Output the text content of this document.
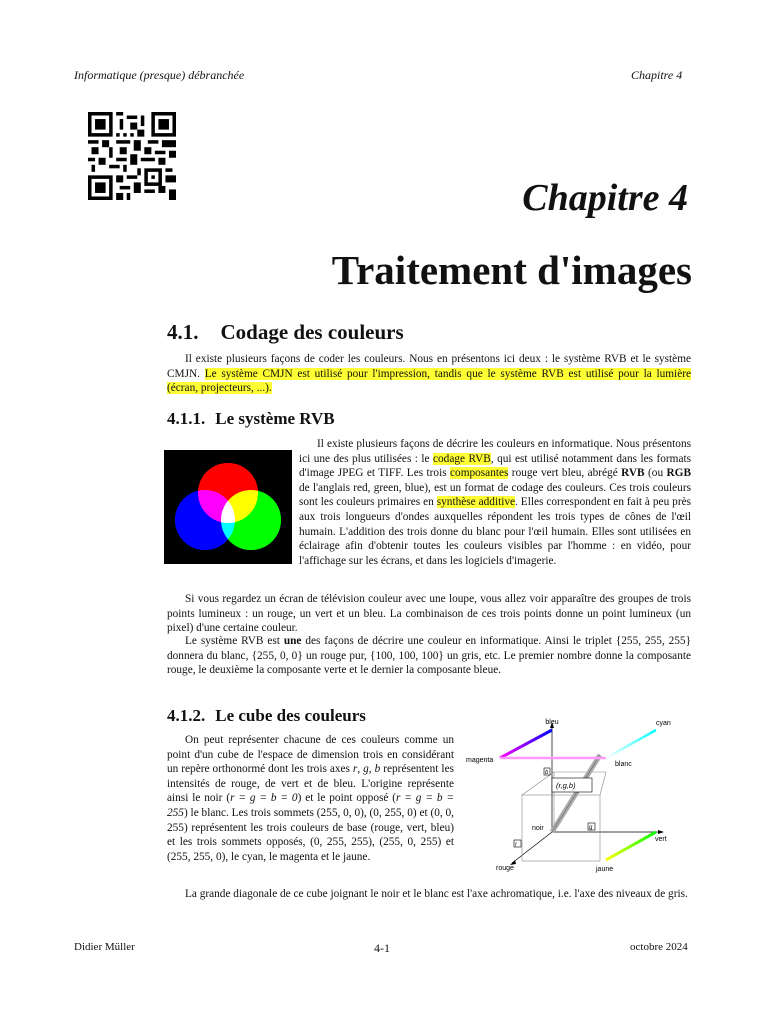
Informatique (presque) débranchée	Chapitre 4
Chapitre 4
Traitement d'images
4.1. Codage des couleurs

Il existe plusieurs façons de coder les couleurs. Nous en présentons ici deux : le système RVB et le système CMJN. Le système CMJN est utilisé pour l'impression, tandis que le système RVB est utilisé pour la lumière (écran, projecteurs, ...).

4.1.1. Le système RVB
Il existe plusieurs façons de décrire les couleurs en informatique. Nous présentons ici une des plus utilisées : le codage RVB, qui est utilisé notamment dans les formats d'image JPEG et TIFF. Les trois composantes rouge vert bleu, abrégé RVB (ou RGB de l'anglais red, green, blue), est un format de codage des couleurs. Ces trois couleurs sont les couleurs primaires en synthèse additive. Elles correspondent en fait à peu près aux trois longueurs d'ondes auxquelles répondent les trois types de cônes de l'œil humain. L'addition des trois donne du blanc pour l'œil humain. Elles sont utilisées en éclairage afin d'obtenir toutes les couleurs visibles par l'homme : en vidéo, pour l'affichage sur les écrans, et dans les logiciels d'imagerie.

Si vous regardez un écran de télévision couleur avec une loupe, vous allez voir apparaître des groupes de trois points lumineux : un rouge, un vert et un bleu. La combinaison de ces trois points donne un point lumineux (un pixel) d'une certaine couleur.

Le système RVB est une des façons de décrire une couleur en informatique. Ainsi le triplet {255, 255, 255} donnera du blanc, {255, 0, 0} un rouge pur, {100, 100, 100} un gris, etc. Le premier nombre donne la composante rouge, le deuxième la composante verte et le dernier la composante bleue.

4.1.2. Le cube des couleurs

On peut représenter chacune de ces couleurs comme un point d'un cube de l'espace de dimension trois en considérant un repère orthonormé dont les trois axes r, g, b représentent les intensités de rouge, de vert et de bleu. L'origine représente ainsi le noir (r = g = b = 0) et le point opposé (r = g = b = 255) le blanc. Les trois sommets (255, 0, 0), (0, 255, 0) et (0, 0, 255) représentent les trois couleurs de base (rouge, vert, bleu) et les trois sommets opposés, (0, 255, 255), (255, 0, 255) et (255, 255, 0), le cyan, le magenta et le jaune.

La grande diagonale de ce cube joignant le noir et le blanc est l'axe achromatique, i.e. l'axe des niveaux de gris.

bleu	cyan
magenta
blanc
noir
vert
rouge	jaune
(r,g,b)
b
g
r
Didier Müller	4-1	octobre 2024
